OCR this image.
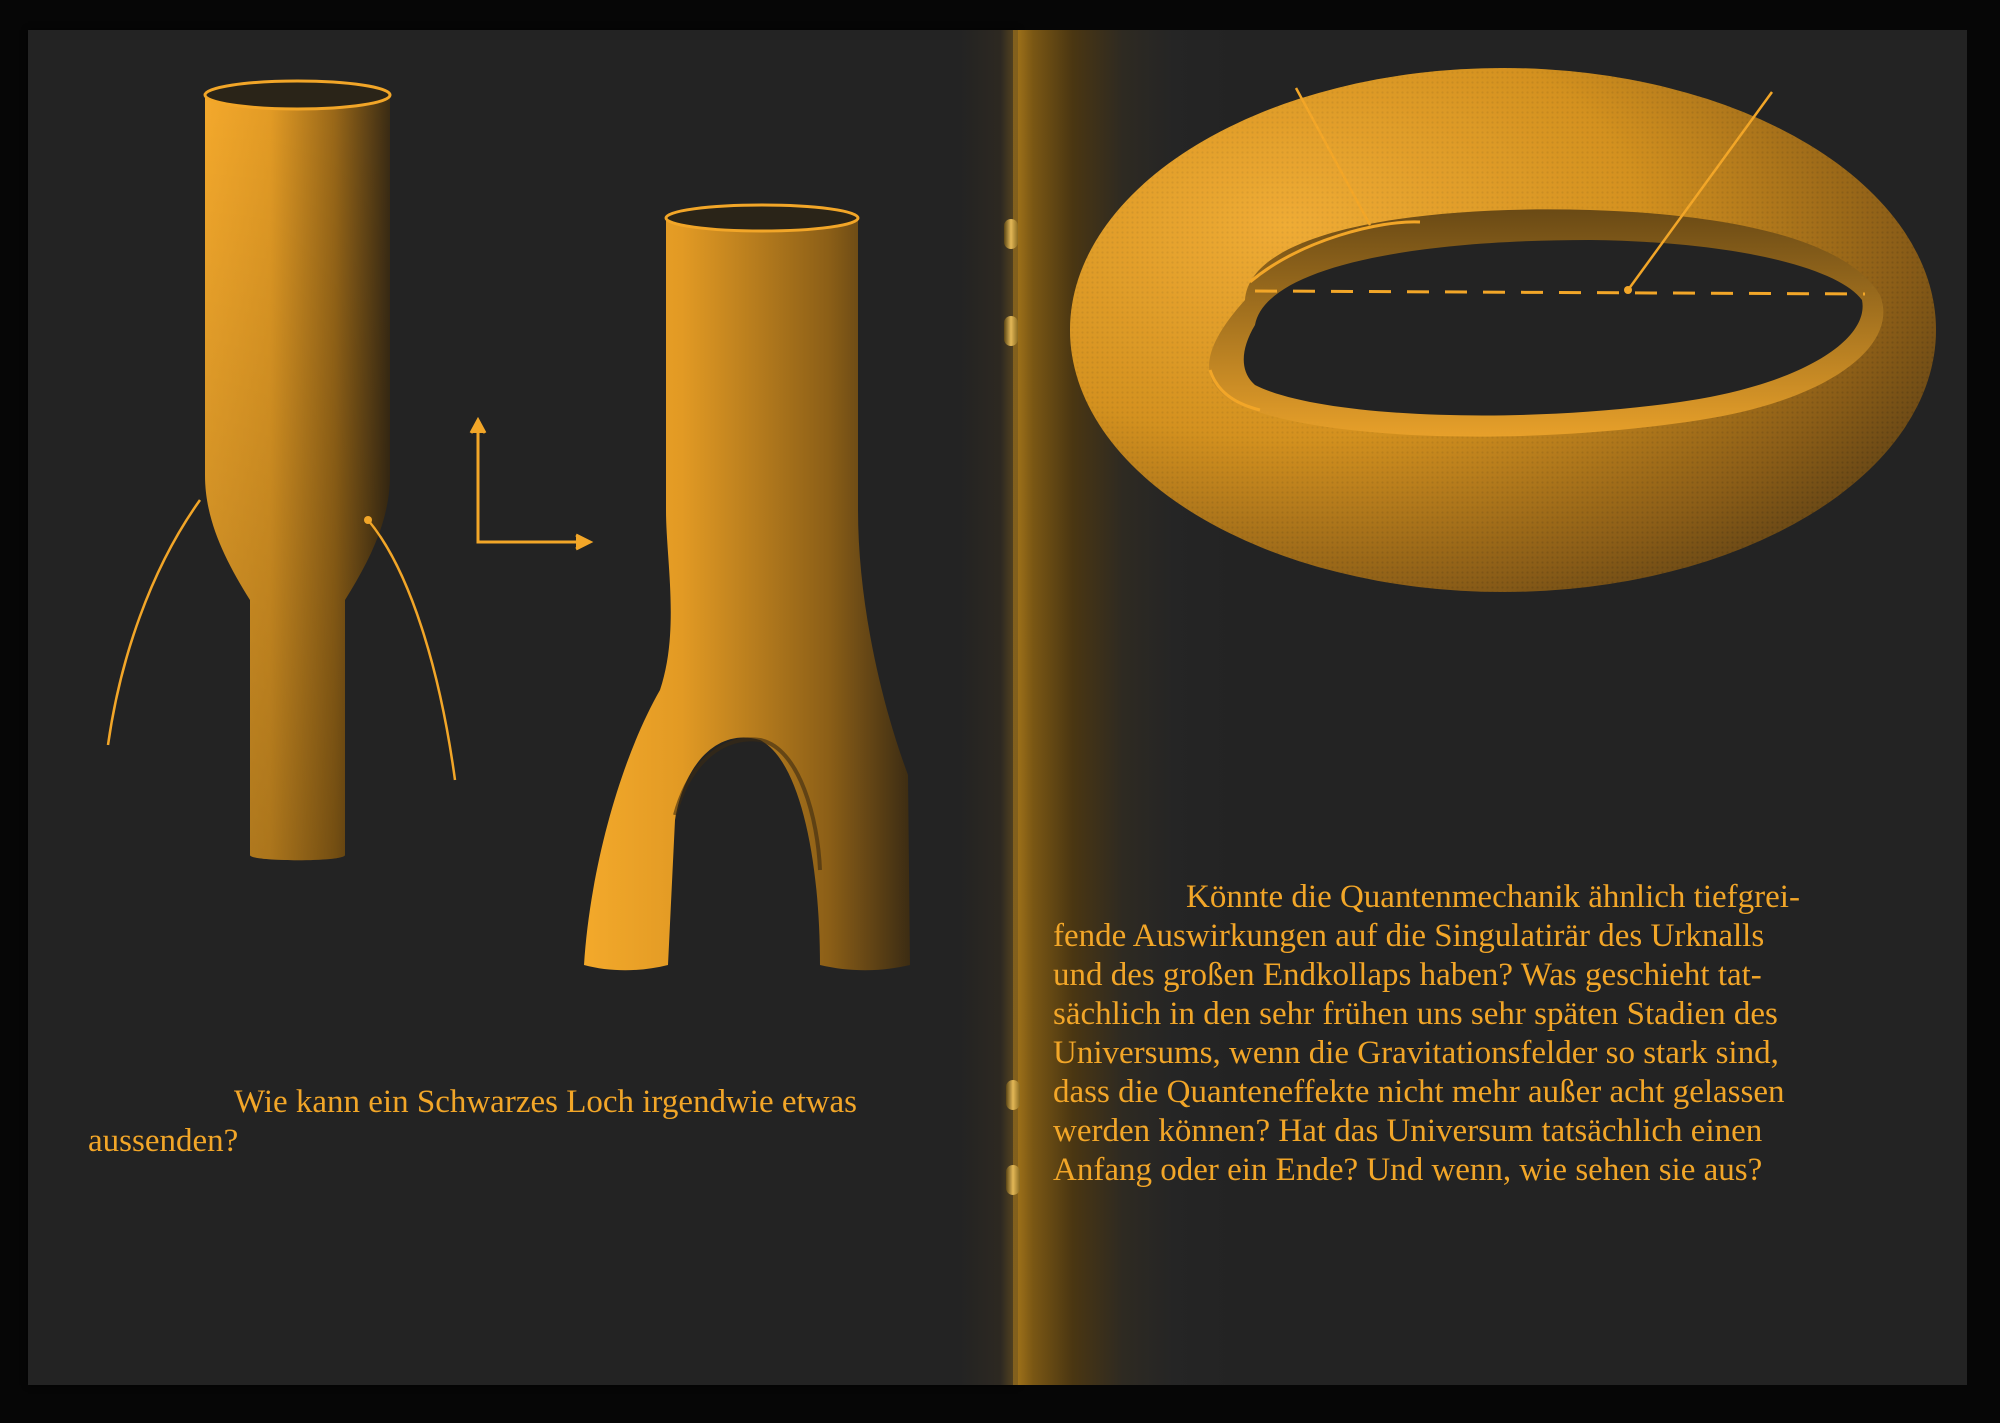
Wie kann ein Schwarzes Loch irgendwie etwas
aussenden?
Könnte die Quantenmechanik ähnlich tiefgrei-
fende Auswirkungen auf die Singulatirär des Urknalls
und des großen Endkollaps haben? Was geschieht tat-
sächlich in den sehr frühen uns sehr späten Stadien des
Universums, wenn die Gravitationsfelder so stark sind,
dass die Quanteneffekte nicht mehr außer acht gelassen
werden können? Hat das Universum tatsächlich einen
Anfang oder ein Ende? Und wenn, wie sehen sie aus?
